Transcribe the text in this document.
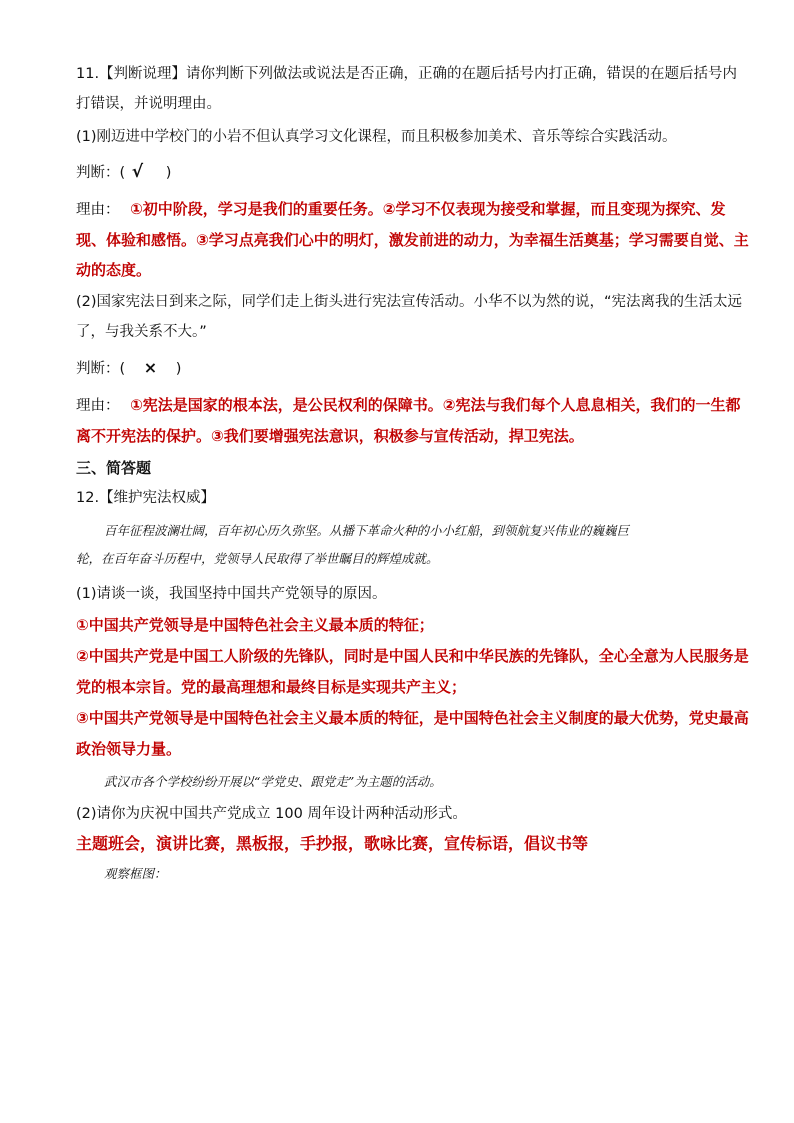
11.【判断说理】请你判断下列做法或说法是否正确，正确的在题后括号内打正确，错误的在题后括号内
打错误，并说明理由。
(1)刚迈进中学校门的小岩不但认真学习文化课程，而且积极参加美术、音乐等综合实践活动。
判断：( √ )
理由： ①初中阶段，学习是我们的重要任务。②学习不仅表现为接受和掌握，而且变现为探究、发
现、体验和感悟。③学习点亮我们心中的明灯，激发前进的动力，为幸福生活奠基；学习需要自觉、主
动的态度。
(2)国家宪法日到来之际，同学们走上街头进行宪法宣传活动。小华不以为然的说，“宪法离我的生活太远
了，与我关系不大。”
判断：( × )
理由： ①宪法是国家的根本法，是公民权利的保障书。②宪法与我们每个人息息相关，我们的一生都
离不开宪法的保护。③我们要增强宪法意识，积极参与宣传活动，捍卫宪法。
三、简答题
12.【维护宪法权威】
百年征程波澜壮阔，百年初心历久弥坚。从播下革命火种的小小红船，到领航复兴伟业的巍巍巨
轮，在百年奋斗历程中，党领导人民取得了举世瞩目的辉煌成就。
(1)请谈一谈，我国坚持中国共产党领导的原因。
①中国共产党领导是中国特色社会主义最本质的特征；
②中国共产党是中国工人阶级的先锋队，同时是中国人民和中华民族的先锋队，全心全意为人民服务是
党的根本宗旨。党的最高理想和最终目标是实现共产主义；
③中国共产党领导是中国特色社会主义最本质的特征，是中国特色社会主义制度的最大优势，党史最高
政治领导力量。
武汉市各个学校纷纷开展以“学党史、跟党走”为主题的活动。
(2)请你为庆祝中国共产党成立 100 周年设计两种活动形式。
主题班会，演讲比赛，黑板报，手抄报，歌咏比赛，宣传标语，倡议书等
观察框图：
